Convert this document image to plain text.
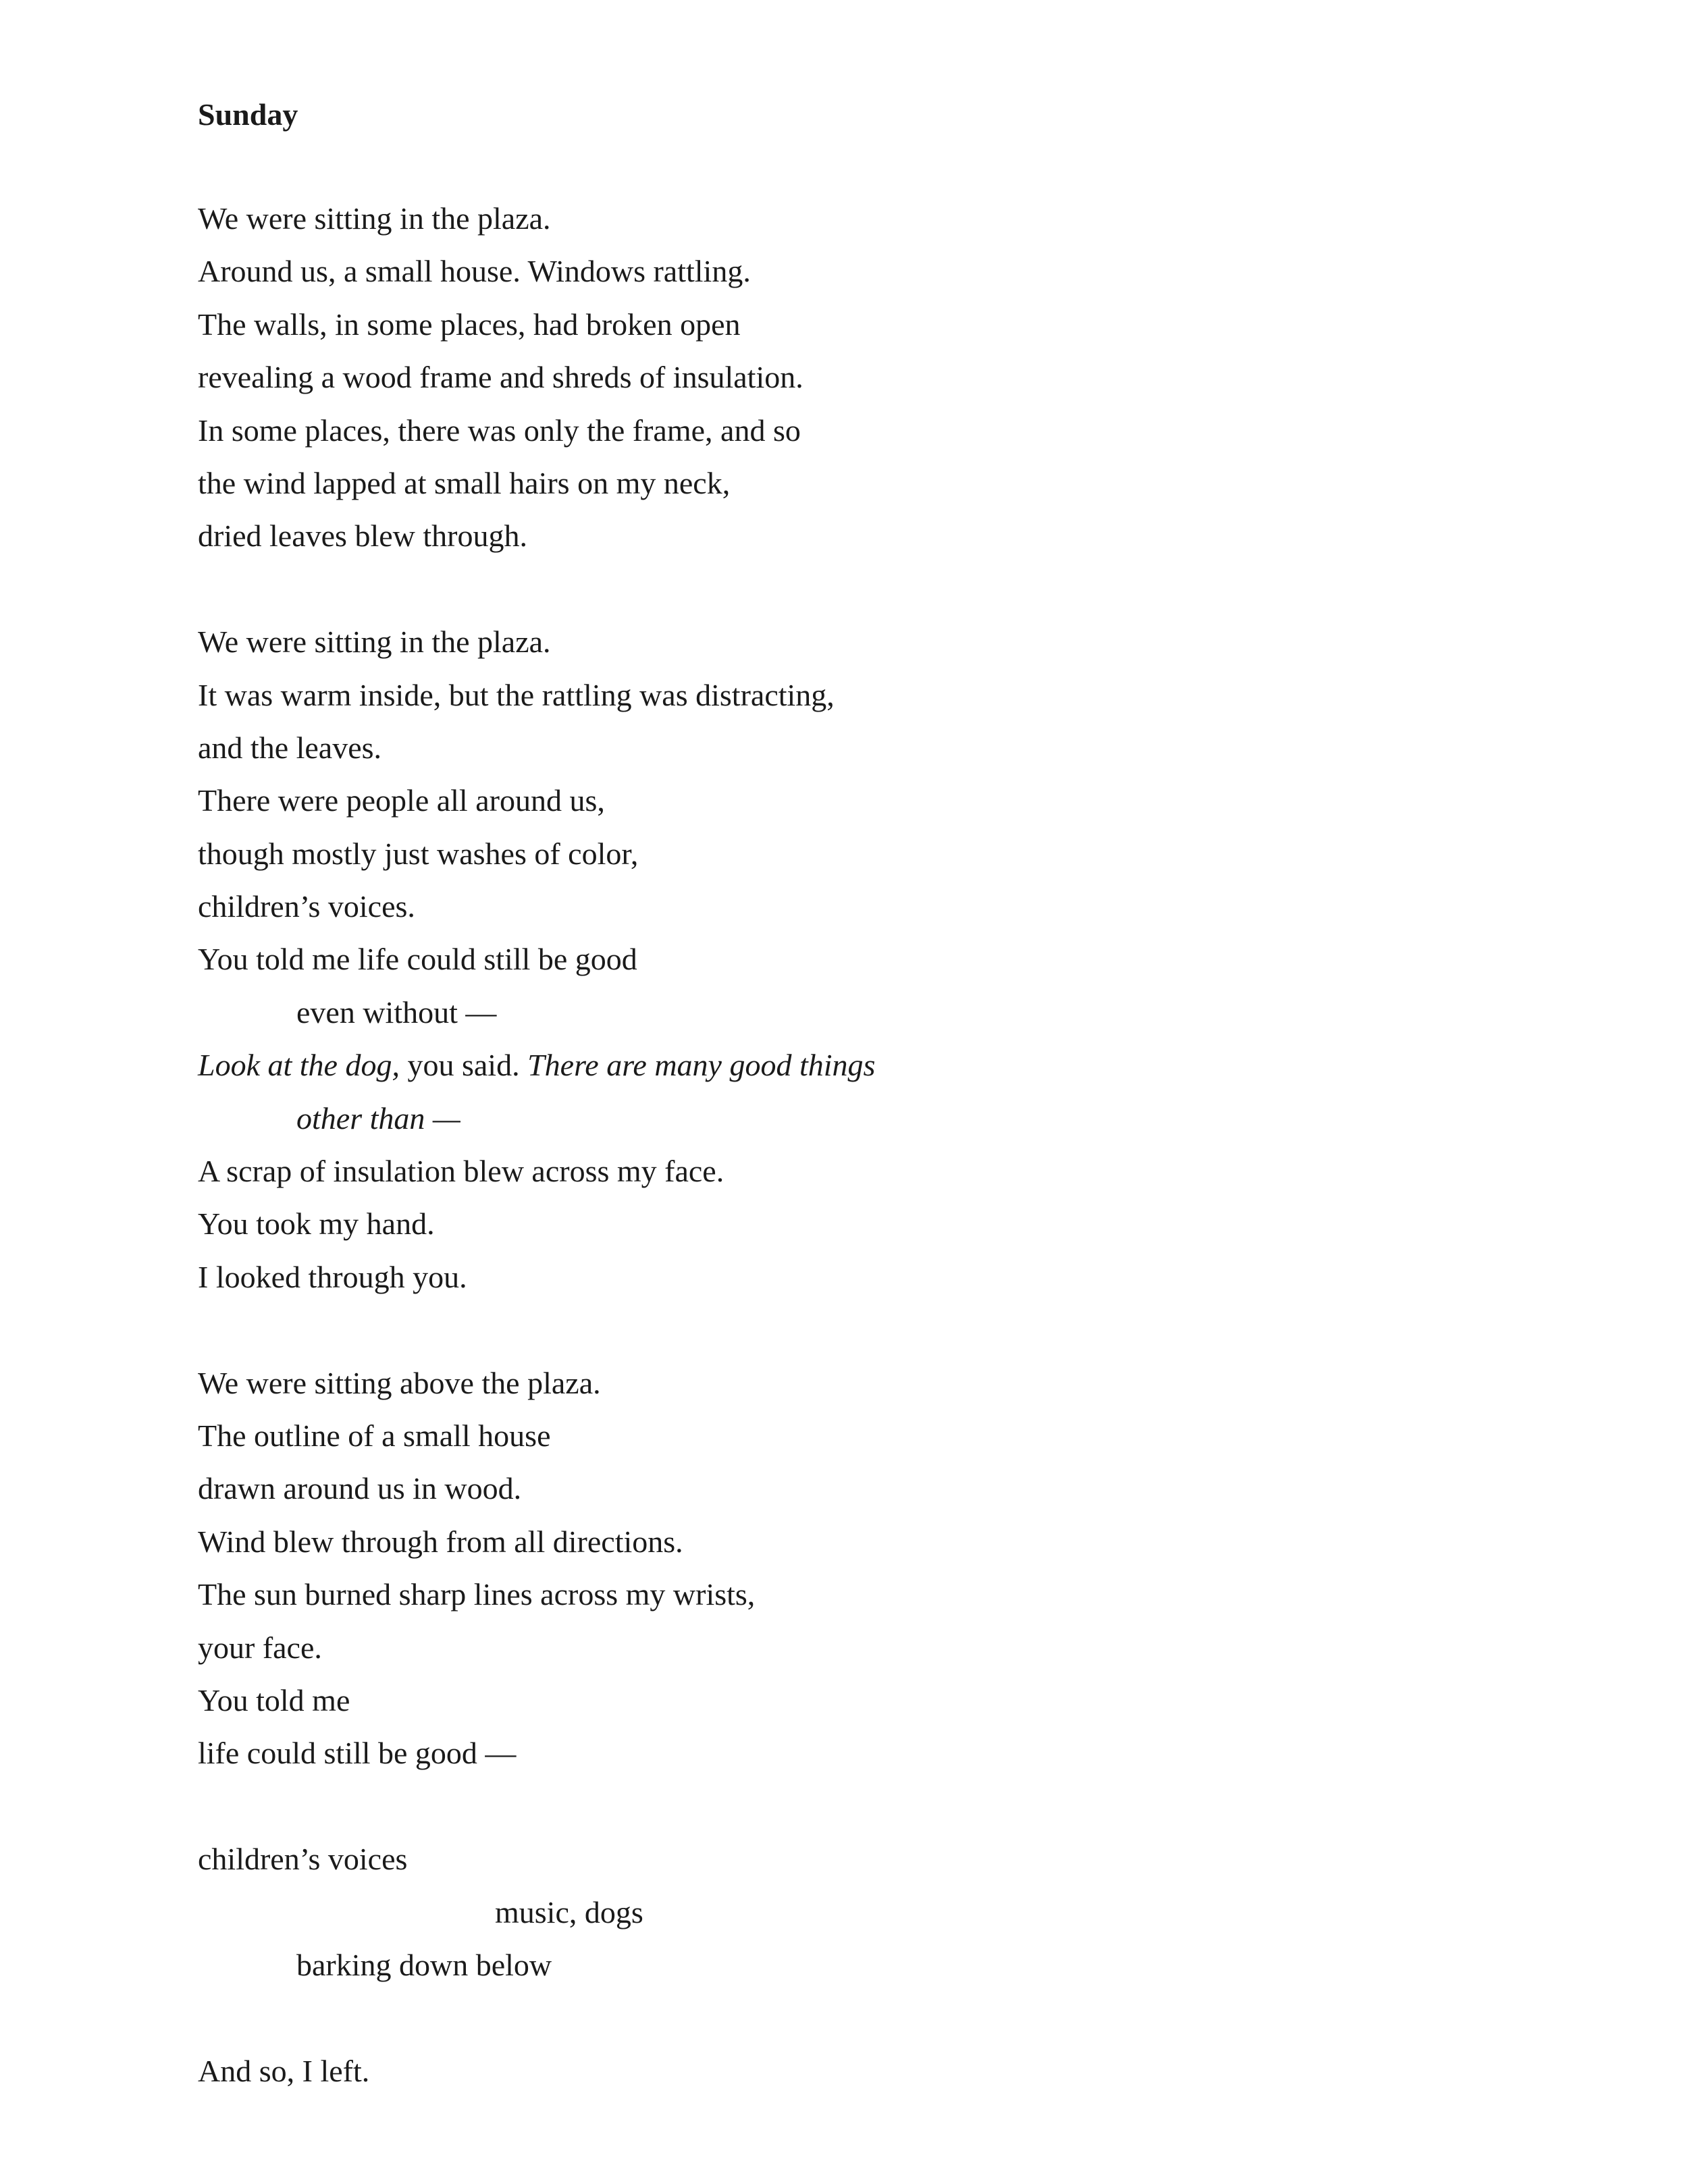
Sunday
We were sitting in the plaza.
Around us, a small house. Windows rattling.
The walls, in some places, had broken open
revealing a wood frame and shreds of insulation.
In some places, there was only the frame, and so
the wind lapped at small hairs on my neck,
dried leaves blew through.
We were sitting in the plaza.
It was warm inside, but the rattling was distracting,
and the leaves.
There were people all around us,
though mostly just washes of color,
children’s voices.
You told me life could still be good
even without —
Look at the dog, you said. There are many good things
other than —
A scrap of insulation blew across my face.
You took my hand.
I looked through you.
We were sitting above the plaza.
The outline of a small house
drawn around us in wood.
Wind blew through from all directions.
The sun burned sharp lines across my wrists,
your face.
You told me
life could still be good —
children’s voices
music, dogs
barking down below
And so, I left.
